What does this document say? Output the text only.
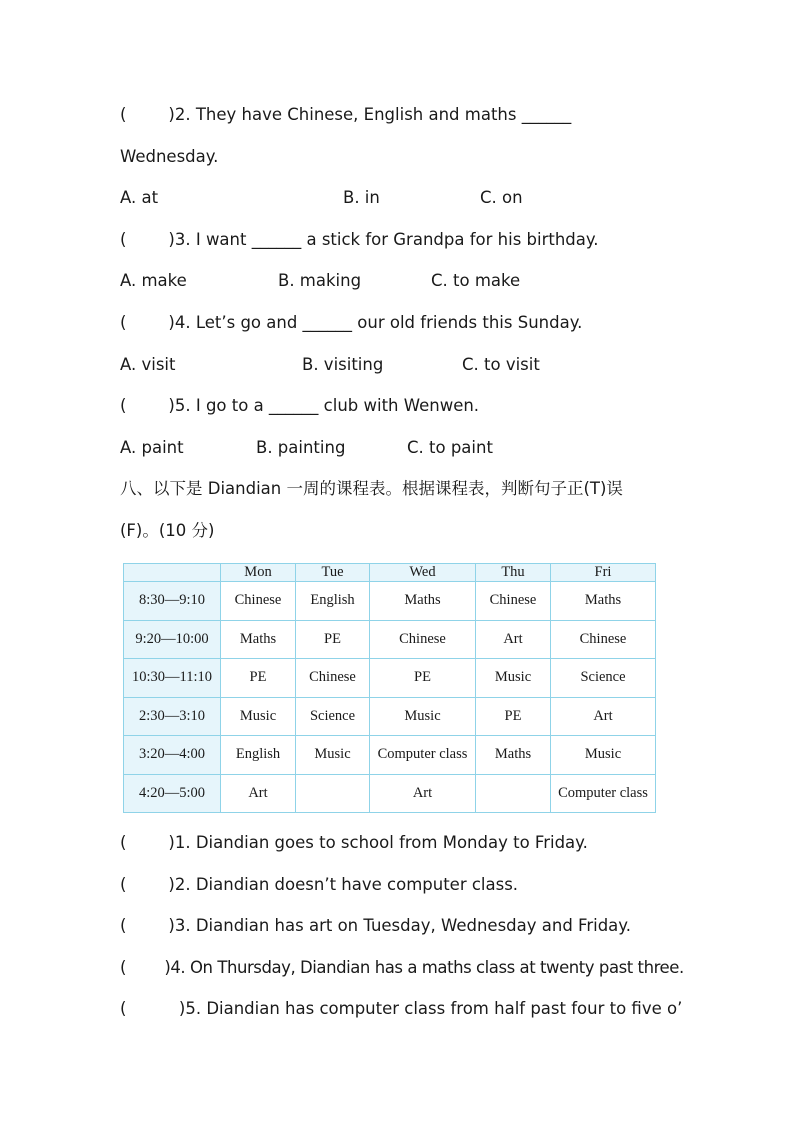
(        )2. They have Chinese, English and maths ______
Wednesday.
A. at	B. in	C. on
(        )3. I want ______ a stick for Grandpa for his birthday.
A. make	B. making	C. to make
(        )4. Let’s go and ______ our old friends this Sunday.
A. visit	B. visiting	C. to visit
(        )5. I go to a ______ club with Wenwen.
A. paint	B. painting	C. to paint
八、以下是 Diandian 一周的课程表。根据课程表，判断句子正(T)误
(F)。(10 分)
	Mon	Tue	Wed	Thu	Fri
8:30—9:10	Chinese	English	Maths	Chinese	Maths
9:20—10:00	Maths	PE	Chinese	Art	Chinese
10:30—11:10	PE	Chinese	PE	Music	Science
2:30—3:10	Music	Science	Music	PE	Art
3:20—4:00	English	Music	Computer class	Maths	Music
4:20—5:00	Art		Art		Computer class
(        )1. Diandian goes to school from Monday to Friday.
(        )2. Diandian doesn’t have computer class.
(        )3. Diandian has art on Tuesday, Wednesday and Friday.
(        )4. On Thursday, Diandian has a maths class at twenty past three.
(          )5. Diandian has computer class from half past four to five o’
